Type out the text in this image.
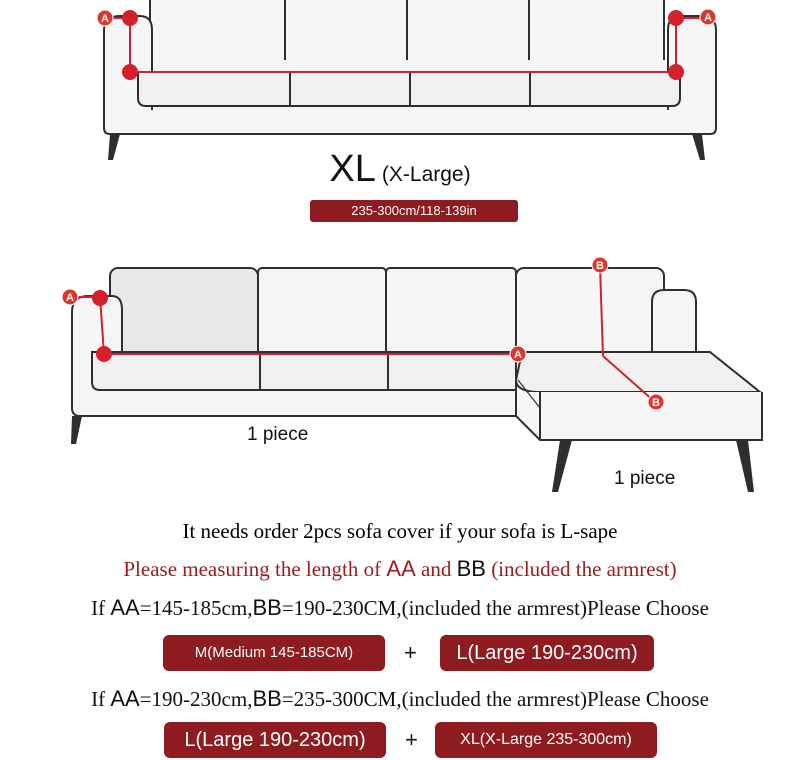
A	A
A
A
B
B
XL (X-Large)
235-300cm/118-139in
1 piece
1 piece
It needs order 2pcs sofa cover if your sofa is L-sape
Please measuring the length of AA and BB (included the armrest)
If AA=145-185cm,BB=190-230CM,(included the armrest)Please Choose
M(Medium 145-185CM)	+	L(Large 190-230cm)
If AA=190-230cm,BB=235-300CM,(included the armrest)Please Choose
L(Large 190-230cm)	+	XL(X-Large 235-300cm)
